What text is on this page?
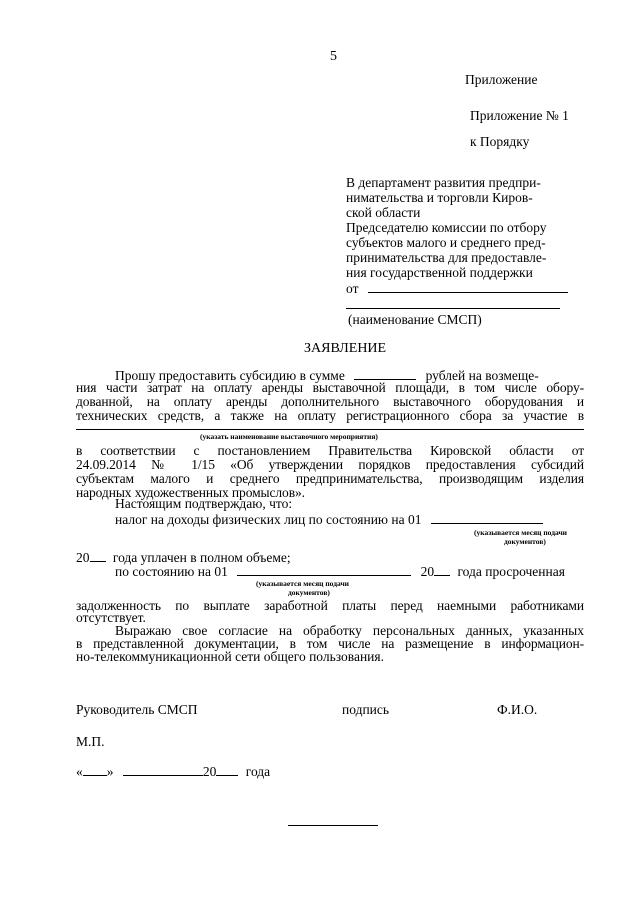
5
Приложение
Приложение № 1
к Порядку
В департамент развития предпри-
нимательства и торговли Киров-
ской области
Председателю комиссии по отбору
субъектов малого и среднего пред-
принимательства для предоставле-
ния государственной поддержки
от
(наименование СМСП)
ЗАЯВЛЕНИЕ
Прошу предоставить субсидию в сумме	рублей на возмеще-
ния части затрат на оплату аренды выставочной площади, в том числе обору-
дованной, на оплату аренды дополнительного выставочного оборудования и
технических средств, а также на оплату регистрационного сбора за участие в
(указать наименование выставочного мероприятия)
в соответствии с постановлением Правительства Кировской области от
24.09.2014 № 1/15 «Об утверждении порядков предоставления субсидий
субъектам малого и среднего предпринимательства, производящим изделия
народных художественных промыслов».
Настоящим подтверждаю, что:
налог на доходы физических лиц по состоянию на 01
(указывается месяц подачи
документов)
20 года уплачен в полном объеме;
по состоянию на 01	20 года просроченная
(указывается месяц подачи
документов)
задолженность по выплате заработной платы перед наемными работниками
отсутствует.
Выражаю свое согласие на обработку персональных данных, указанных
в представленной документации, в том числе на размещение в информацион-
но-телекоммуникационной сети общего пользования.
Руководитель СМСП	подпись	Ф.И.О.
М.П.
« »	20 года
